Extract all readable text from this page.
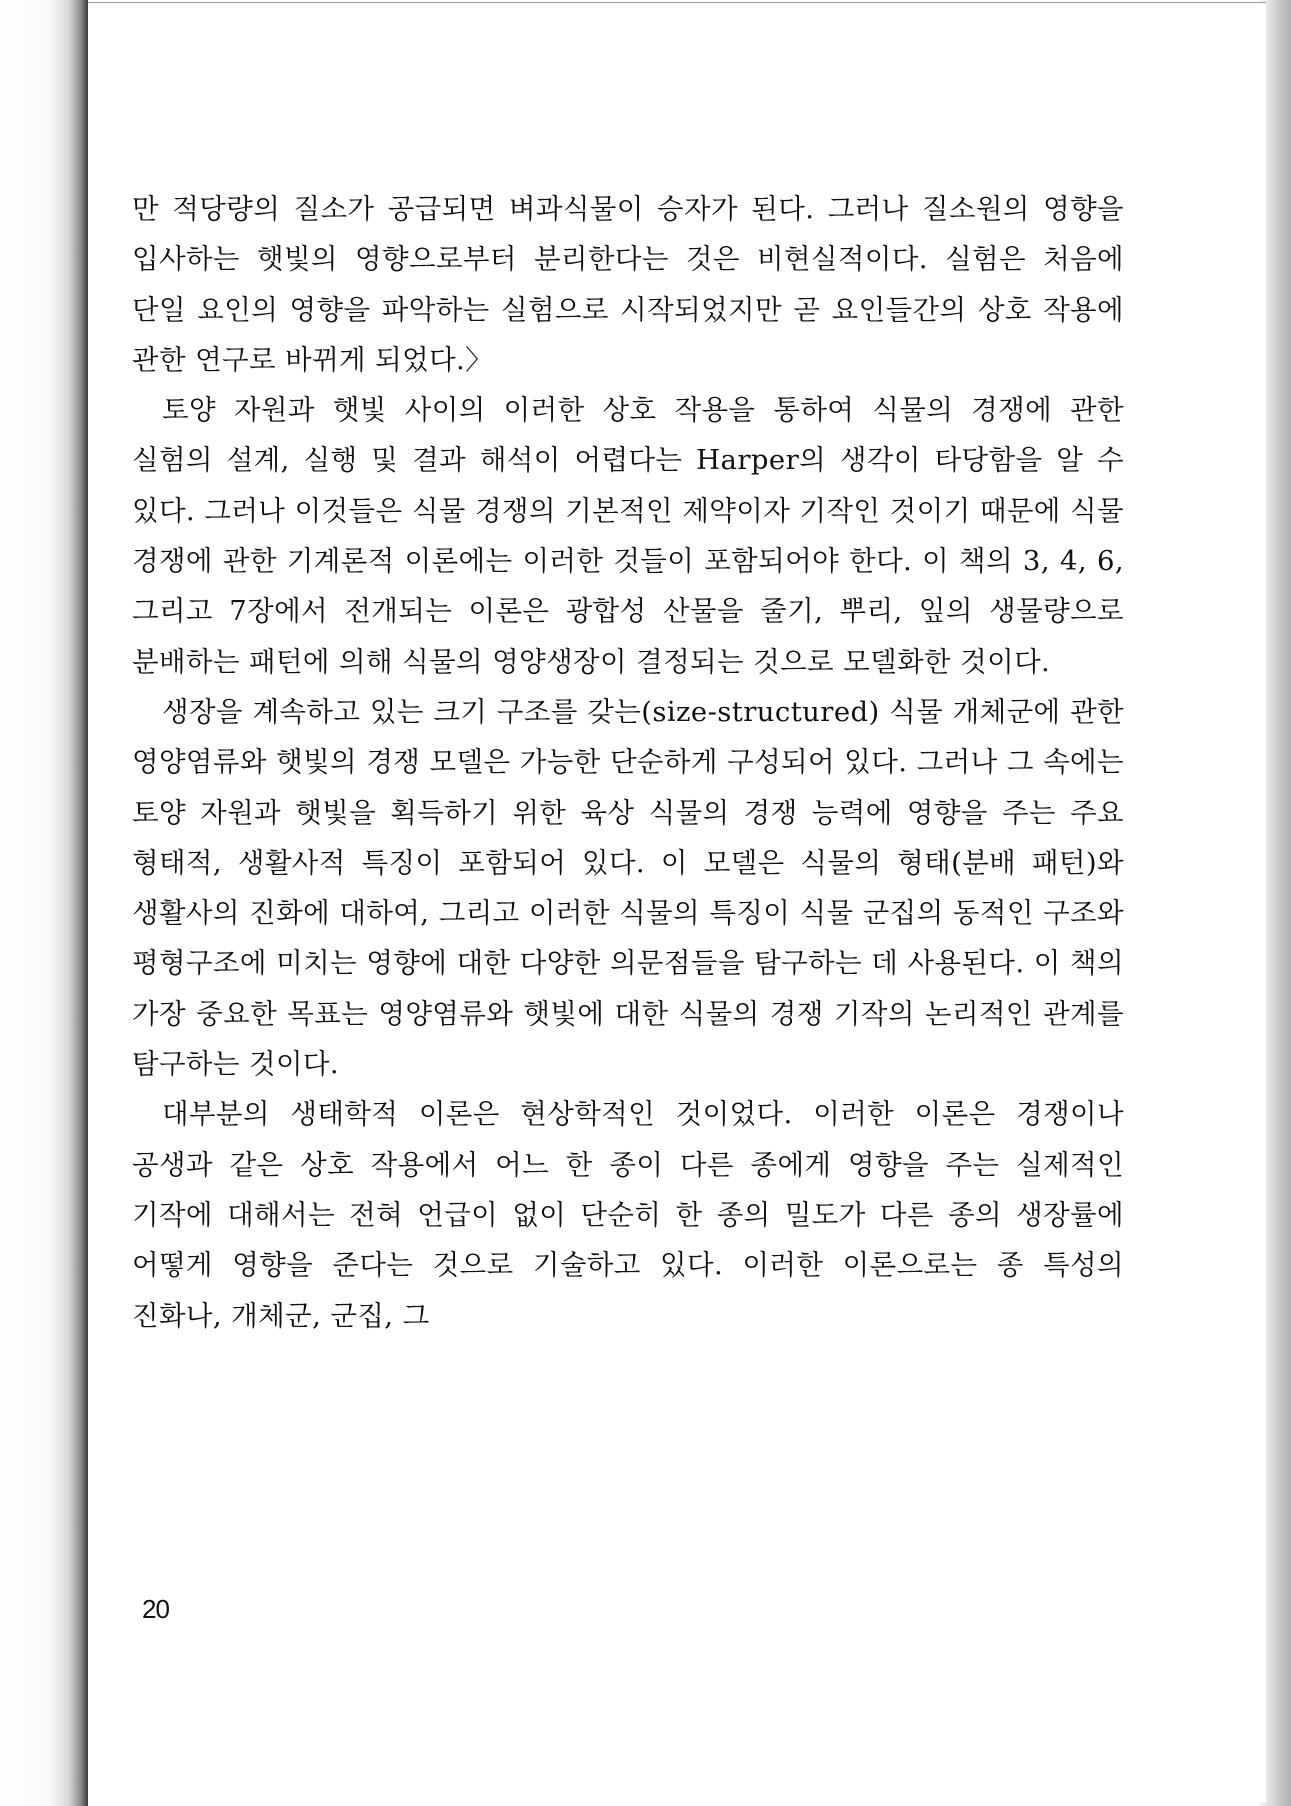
만 적당량의 질소가 공급되면 벼과식물이 승자가 된다. 그러나 질소원의 영향을 입사하는 햇빛의 영향으로부터 분리한다는 것은 비현실적이다. 실험은 처음에 단일 요인의 영향을 파악하는 실험으로 시작되었지만 곧 요인들간의 상호 작용에 관한 연구로 바뀌게 되었다.〉

토양 자원과 햇빛 사이의 이러한 상호 작용을 통하여 식물의 경쟁에 관한 실험의 설계, 실행 및 결과 해석이 어렵다는 Harper의 생각이 타당함을 알 수 있다. 그러나 이것들은 식물 경쟁의 기본적인 제약이자 기작인 것이기 때문에 식물 경쟁에 관한 기계론적 이론에는 이러한 것들이 포함되어야 한다. 이 책의 3, 4, 6, 그리고 7장에서 전개되는 이론은 광합성 산물을 줄기, 뿌리, 잎의 생물량으로 분배하는 패턴에 의해 식물의 영양생장이 결정되는 것으로 모델화한 것이다.

생장을 계속하고 있는 크기 구조를 갖는(size-structured) 식물 개체군에 관한 영양염류와 햇빛의 경쟁 모델은 가능한 단순하게 구성되어 있다. 그러나 그 속에는 토양 자원과 햇빛을 획득하기 위한 육상 식물의 경쟁 능력에 영향을 주는 주요 형태적, 생활사적 특징이 포함되어 있다. 이 모델은 식물의 형태(분배 패턴)와 생활사의 진화에 대하여, 그리고 이러한 식물의 특징이 식물 군집의 동적인 구조와 평형구조에 미치는 영향에 대한 다양한 의문점들을 탐구하는 데 사용된다. 이 책의 가장 중요한 목표는 영양염류와 햇빛에 대한 식물의 경쟁 기작의 논리적인 관계를 탐구하는 것이다.

대부분의 생태학적 이론은 현상학적인 것이었다. 이러한 이론은 경쟁이나 공생과 같은 상호 작용에서 어느 한 종이 다른 종에게 영향을 주는 실제적인 기작에 대해서는 전혀 언급이 없이 단순히 한 종의 밀도가 다른 종의 생장률에 어떻게 영향을 준다는 것으로 기술하고 있다. 이러한 이론으로는 종 특성의 진화나, 개체군, 군집, 그

20
